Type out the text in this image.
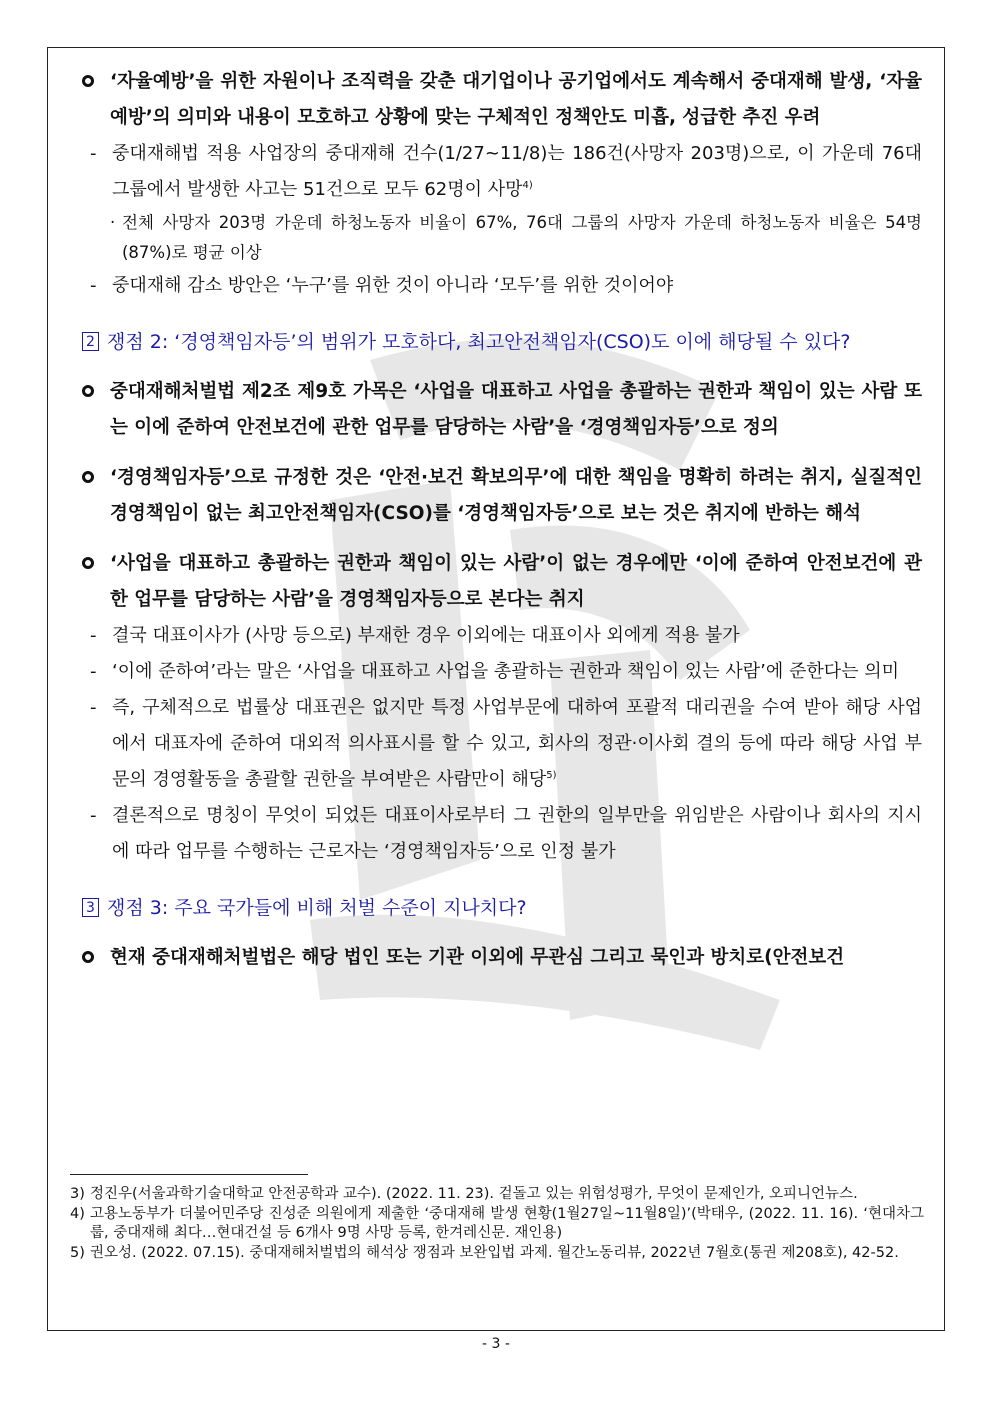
‘자율예방’을 위한 자원이나 조직력을 갖춘 대기업이나 공기업에서도 계속해서 중대재해 발생, ‘자율예방’의 의미와 내용이 모호하고 상황에 맞는 구체적인 정책안도 미흡, 성급한 추진 우려
- 중대재해법 적용 사업장의 중대재해 건수(1/27~11/8)는 186건(사망자 203명)으로, 이 가운데 76대 그룹에서 발생한 사고는 51건으로 모두 62명이 사망$^{4)}$
· 전체 사망자 203명 가운데 하청노동자 비율이 67%, 76대 그룹의 사망자 가운데 하청노동자 비율은 54명(87%)로 평균 이상
- 중대재해 감소 방안은 ‘누구’를 위한 것이 아니라 ‘모두’를 위한 것이어야
2 쟁점 2: ‘경영책임자등’의 범위가 모호하다, 최고안전책임자(CSO)도 이에 해당될 수 있다?
중대재해처벌법 제2조 제9호 가목은 ‘사업을 대표하고 사업을 총괄하는 권한과 책임이 있는 사람 또는 이에 준하여 안전보건에 관한 업무를 담당하는 사람’을 ‘경영책임자등’으로 정의
‘경영책임자등’으로 규정한 것은 ‘안전·보건 확보의무’에 대한 책임을 명확히 하려는 취지, 실질적인 경영책임이 없는 최고안전책임자(CSO)를 ‘경영책임자등’으로 보는 것은 취지에 반하는 해석
‘사업을 대표하고 총괄하는 권한과 책임이 있는 사람’이 없는 경우에만 ‘이에 준하여 안전보건에 관한 업무를 담당하는 사람’을 경영책임자등으로 본다는 취지
- 결국 대표이사가 (사망 등으로) 부재한 경우 이외에는 대표이사 외에게 적용 불가
- ‘이에 준하여’라는 말은 ‘사업을 대표하고 사업을 총괄하는 권한과 책임이 있는 사람’에 준한다는 의미
- 즉, 구체적으로 법률상 대표권은 없지만 특정 사업부문에 대하여 포괄적 대리권을 수여 받아 해당 사업에서 대표자에 준하여 대외적 의사표시를 할 수 있고, 회사의 정관·이사회 결의 등에 따라 해당 사업 부문의 경영활동을 총괄할 권한을 부여받은 사람만이 해당$^{5)}$
- 결론적으로 명칭이 무엇이 되었든 대표이사로부터 그 권한의 일부만을 위임받은 사람이나 회사의 지시에 따라 업무를 수행하는 근로자는 ‘경영책임자등’으로 인정 불가
3 쟁점 3: 주요 국가들에 비해 처벌 수준이 지나치다?
현재 중대재해처벌법은 해당 법인 또는 기관 이외에 무관심 그리고 묵인과 방치로(안전보건
3) 정진우(서울과학기술대학교 안전공학과 교수). (2022. 11. 23). 겉돌고 있는 위험성평가, 무엇이 문제인가, 오피니언뉴스.
4) 고용노동부가 더불어민주당 진성준 의원에게 제출한 ‘중대재해 발생 현황(1월27일~11월8일)’(박태우, (2022. 11. 16). ‘현대차그룹, 중대재해 최다…현대건설 등 6개사 9명 사망 등록, 한겨레신문. 재인용)
5) 권오성. (2022. 07.15). 중대재해처벌법의 해석상 쟁점과 보완입법 과제. 월간노동리뷰, 2022년 7월호(통권 제208호), 42-52.
- 3 -
